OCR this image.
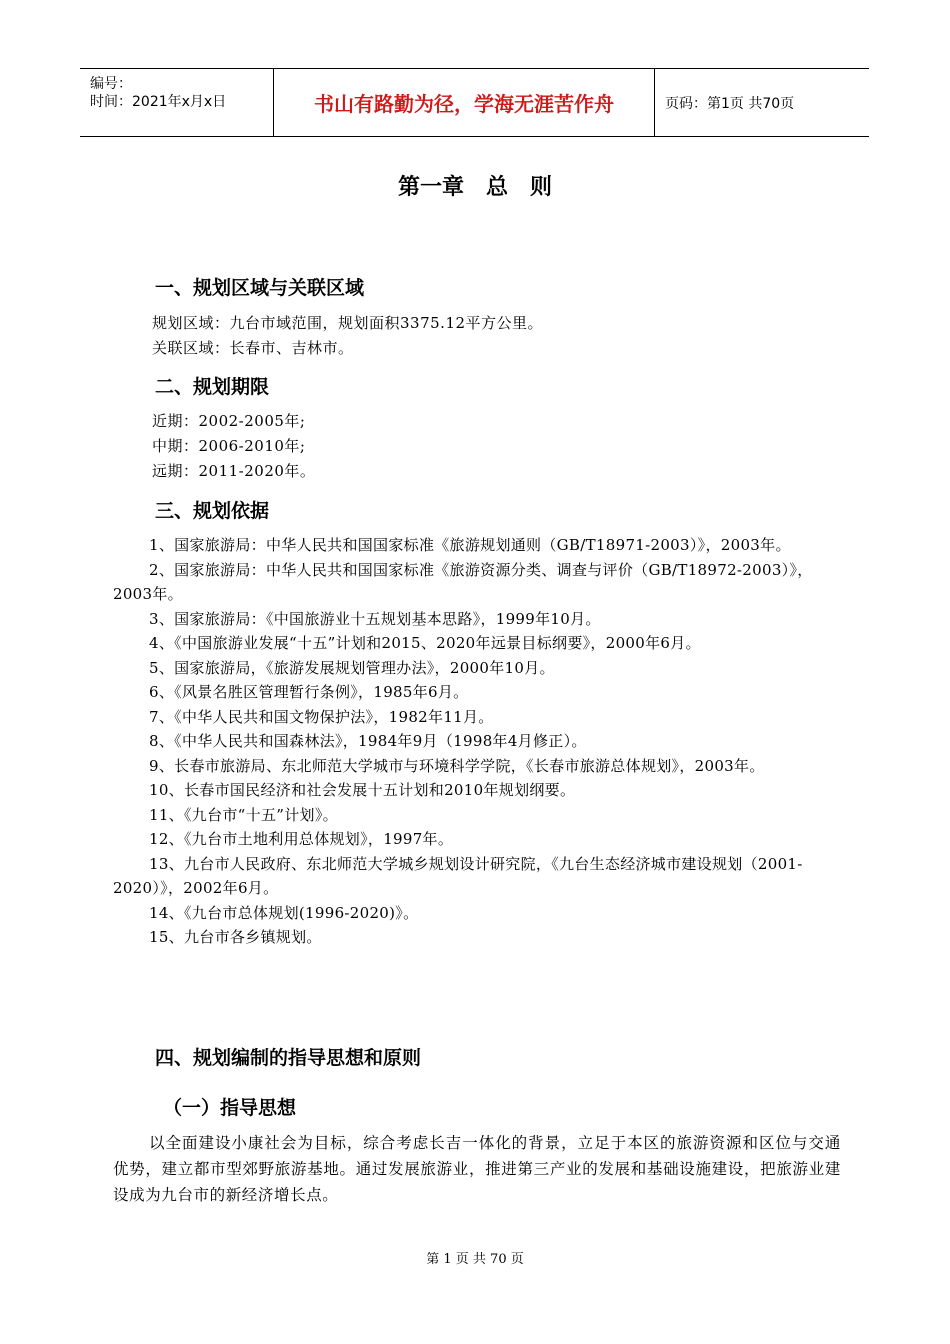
编号：
时间：2021年x月x日	书山有路勤为径，学海无涯苦作舟	页码：第1页 共70页
第一章　总　则
一、规划区域与关联区域
规划区域：九台市域范围，规划面积3375.12平方公里。
关联区域：长春市、吉林市。
二、规划期限
近期：2002-2005年;
中期：2006-2010年;
远期：2011-2020年。
三、规划依据
1、国家旅游局：中华人民共和国国家标准《旅游规划通则（GB/T18971-2003）》，2003年。
2、国家旅游局：中华人民共和国国家标准《旅游资源分类、调查与评价（GB/T18972-2003）》，2003年。
3、国家旅游局：《中国旅游业十五规划基本思路》，1999年10月。
4、《中国旅游业发展“十五”计划和2015、2020年远景目标纲要》，2000年6月。
5、国家旅游局，《旅游发展规划管理办法》，2000年10月。
6、《风景名胜区管理暂行条例》，1985年6月。
7、《中华人民共和国文物保护法》，1982年11月。
8、《中华人民共和国森林法》，1984年9月（1998年4月修正）。
9、长春市旅游局、东北师范大学城市与环境科学学院，《长春市旅游总体规划》，2003年。
10、长春市国民经济和社会发展十五计划和2010年规划纲要。
11、《九台市“十五”计划》。
12、《九台市土地利用总体规划》，1997年。
13、九台市人民政府、东北师范大学城乡规划设计研究院，《九台生态经济城市建设规划（2001-2020）》，2002年6月。
14、《九台市总体规划(1996-2020)》。
15、九台市各乡镇规划。
四、规划编制的指导思想和原则
（一）指导思想
以全面建设小康社会为目标，综合考虑长吉一体化的背景，立足于本区的旅游资源和区位与交通优势，建立都市型郊野旅游基地。通过发展旅游业，推进第三产业的发展和基础设施建设，把旅游业建设成为九台市的新经济增长点。
第 1 页 共 70 页
